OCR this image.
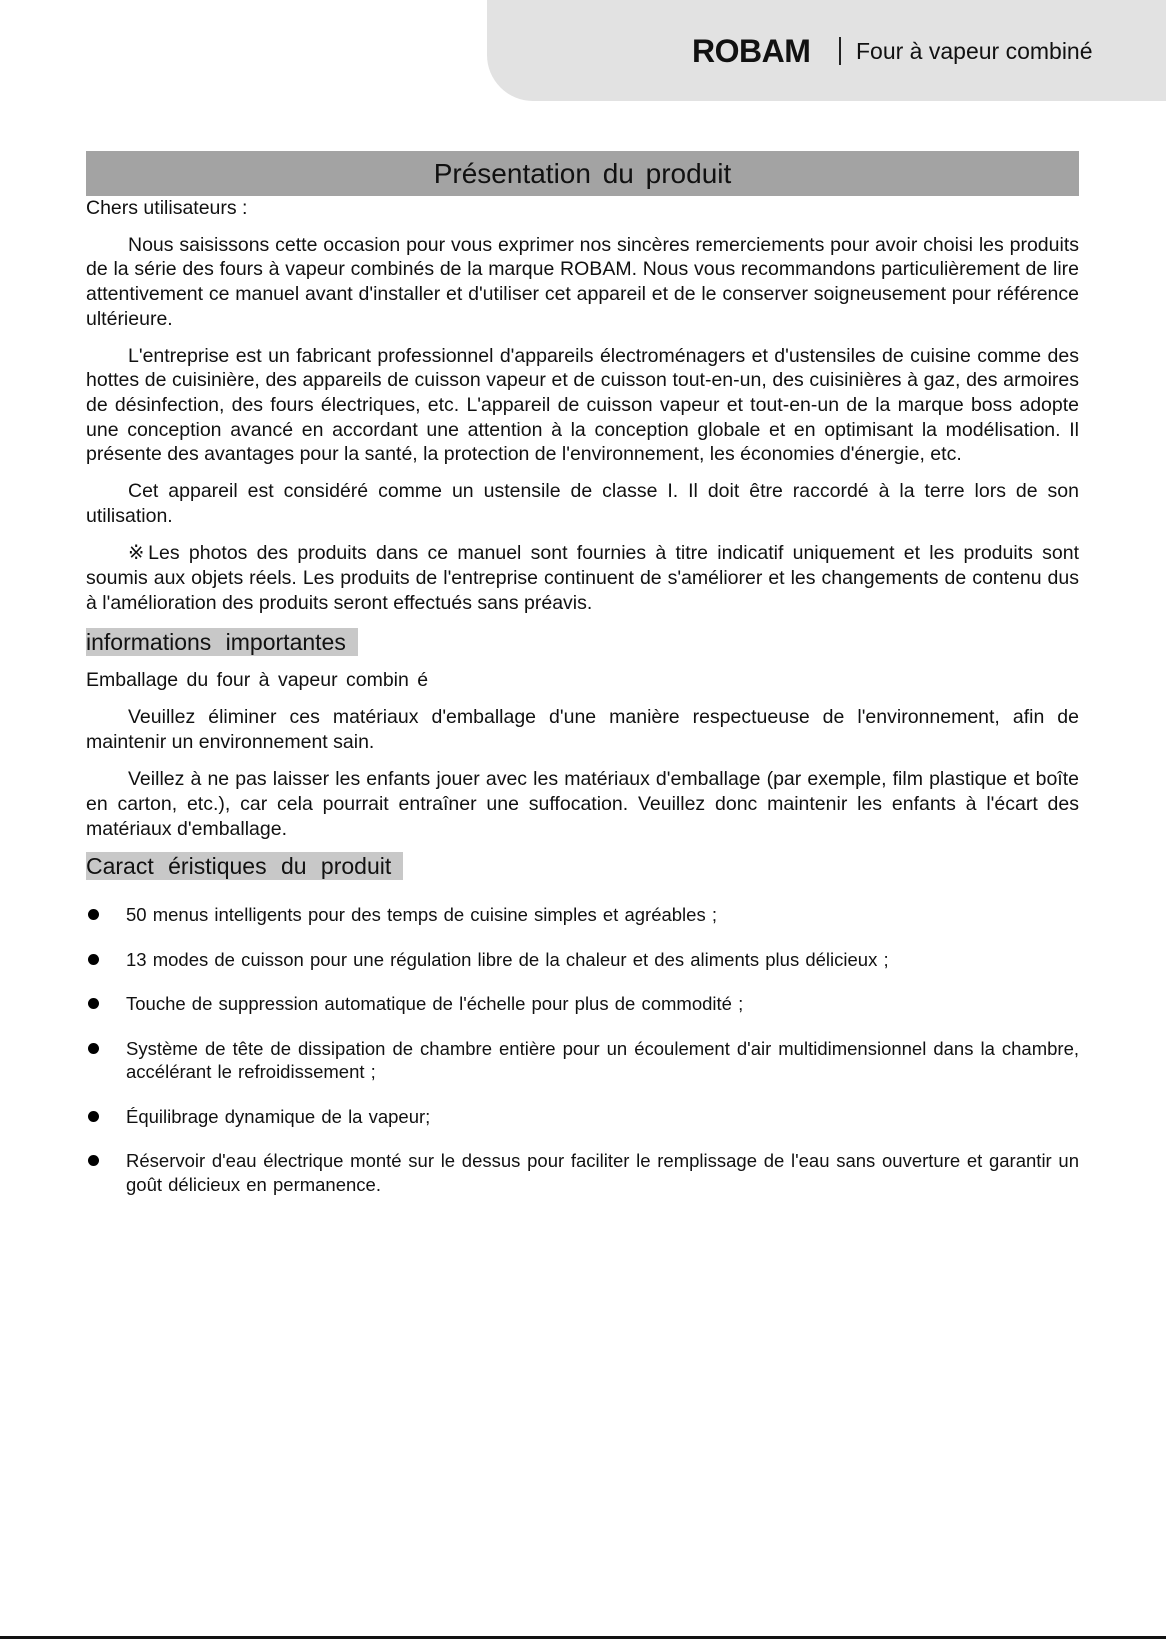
ROBAM Four à vapeur combiné
Présentation du produit

Chers utilisateurs :

Nous saisissons cette occasion pour vous exprimer nos sincères remerciements pour avoir choisi les produits de la série des fours à vapeur combinés de la marque ROBAM. Nous vous recommandons particulièrement de lire attentivement ce manuel avant d'installer et d'utiliser cet appareil et de le conserver soigneusement pour référence ultérieure.

L'entreprise est un fabricant professionnel d'appareils électroménagers et d'ustensiles de cuisine comme des hottes de cuisinière, des appareils de cuisson vapeur et de cuisson tout-en-un, des cuisinières à gaz, des armoires de désinfection, des fours électriques, etc. L'appareil de cuisson vapeur et tout-en-un de la marque boss adopte une conception avancé en accordant une attention à la conception globale et en optimisant la modélisation. Il présente des avantages pour la santé, la protection de l'environnement, les économies d'énergie, etc.

Cet appareil est considéré comme un ustensile de classe I. Il doit être raccordé à la terre lors de son utilisation.

※Les photos des produits dans ce manuel sont fournies à titre indicatif uniquement et les produits sont soumis aux objets réels. Les produits de l'entreprise continuent de s'améliorer et les changements de contenu dus à l'amélioration des produits seront effectués sans préavis.

informations importantes

Emballage du four à vapeur combin é

Veuillez éliminer ces matériaux d'emballage d'une manière respectueuse de l'environnement, afin de maintenir un environnement sain.

Veillez à ne pas laisser les enfants jouer avec les matériaux d'emballage (par exemple, film plastique et boîte en carton, etc.), car cela pourrait entraîner une suffocation. Veuillez donc maintenir les enfants à l'écart des matériaux d'emballage.

Caract éristiques du produit
50 menus intelligents pour des temps de cuisine simples et agréables ;
13 modes de cuisson pour une régulation libre de la chaleur et des aliments plus délicieux ;
Touche de suppression automatique de l'échelle pour plus de commodité ;
Système de tête de dissipation de chambre entière pour un écoulement d'air multidimensionnel dans la chambre, accélérant le refroidissement ;
Équilibrage dynamique de la vapeur;
Réservoir d'eau électrique monté sur le dessus pour faciliter le remplissage de l'eau sans ouverture et garantir un goût délicieux en permanence.
